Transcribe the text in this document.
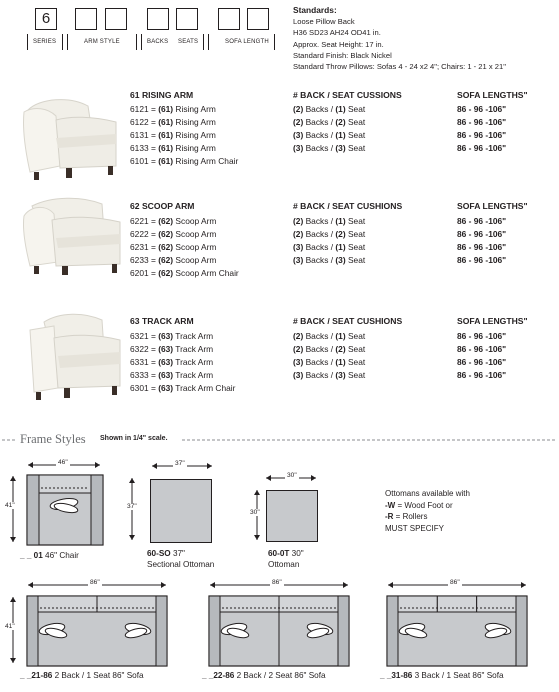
6
SERIES	ARM STYLE	BACKS SEATS	SOFA LENGTH
Standards:
Loose Pillow Back
H36 SD23 AH24 OD41 in.
Approx. Seat Height: 17 in.
Standard Finish: Black Nickel
Standard Throw Pillows: Sofas 4 - 24 x2 4"; Chairs: 1 - 21 x 21"
61 RISING ARM	# BACK / SEAT CUSSIONS	SOFA LENGTHS"
6121 = (61) Rising Arm	(2) Backs / (1) Seat	86 - 96 -106"
6122 = (61) Rising Arm	(2) Backs / (2) Seat	86 - 96 -106"
6131 = (61) Rising Arm	(3) Backs / (1) Seat	86 - 96 -106"
6133 = (61) Rising Arm	(3) Backs / (3) Seat	86 - 96 -106"
6101 = (61) Rising Arm Chair
62 SCOOP ARM	# BACK / SEAT CUSHIONS	SOFA LENGTHS"
6221 = (62) Scoop Arm	(2) Backs / (1) Seat	86 - 96 -106"
6222 = (62) Scoop Arm	(2) Backs / (2) Seat	86 - 96 -106"
6231 = (62) Scoop Arm	(3) Backs / (1) Seat	86 - 96 -106"
6233 = (62) Scoop Arm	(3) Backs / (3) Seat	86 - 96 -106"
6201 = (62) Scoop Arm Chair
63 TRACK ARM	# BACK / SEAT CUSHIONS	SOFA LENGTHS"
6321 = (63) Track Arm	(2) Backs / (1) Seat	86 - 96 -106"
6322 = (63) Track Arm	(2) Backs / (2) Seat	86 - 96 -106"
6331 = (63) Track Arm	(3) Backs / (1) Seat	86 - 96 -106"
6333 = (63) Track Arm	(3) Backs / (3) Seat	86 - 96 -106"
6301 = (63) Track Arm Chair
Frame Styles Shown in 1/4" scale.
46"
41"
_ _ 01 46" Chair
37"
37"
60-SO 37"
Sectional Ottoman
30"
30"
60-0T 30"
Ottoman
Ottomans available with
-W = Wood Foot or
-R = Rollers
MUST SPECIFY
41"
86"
_ _21-86 2 Back / 1 Seat 86" Sofa
86"
_ _22-86 2 Back / 2 Seat 86" Sofa
86"
_ _31-86 3 Back / 1 Seat 86" Sofa
